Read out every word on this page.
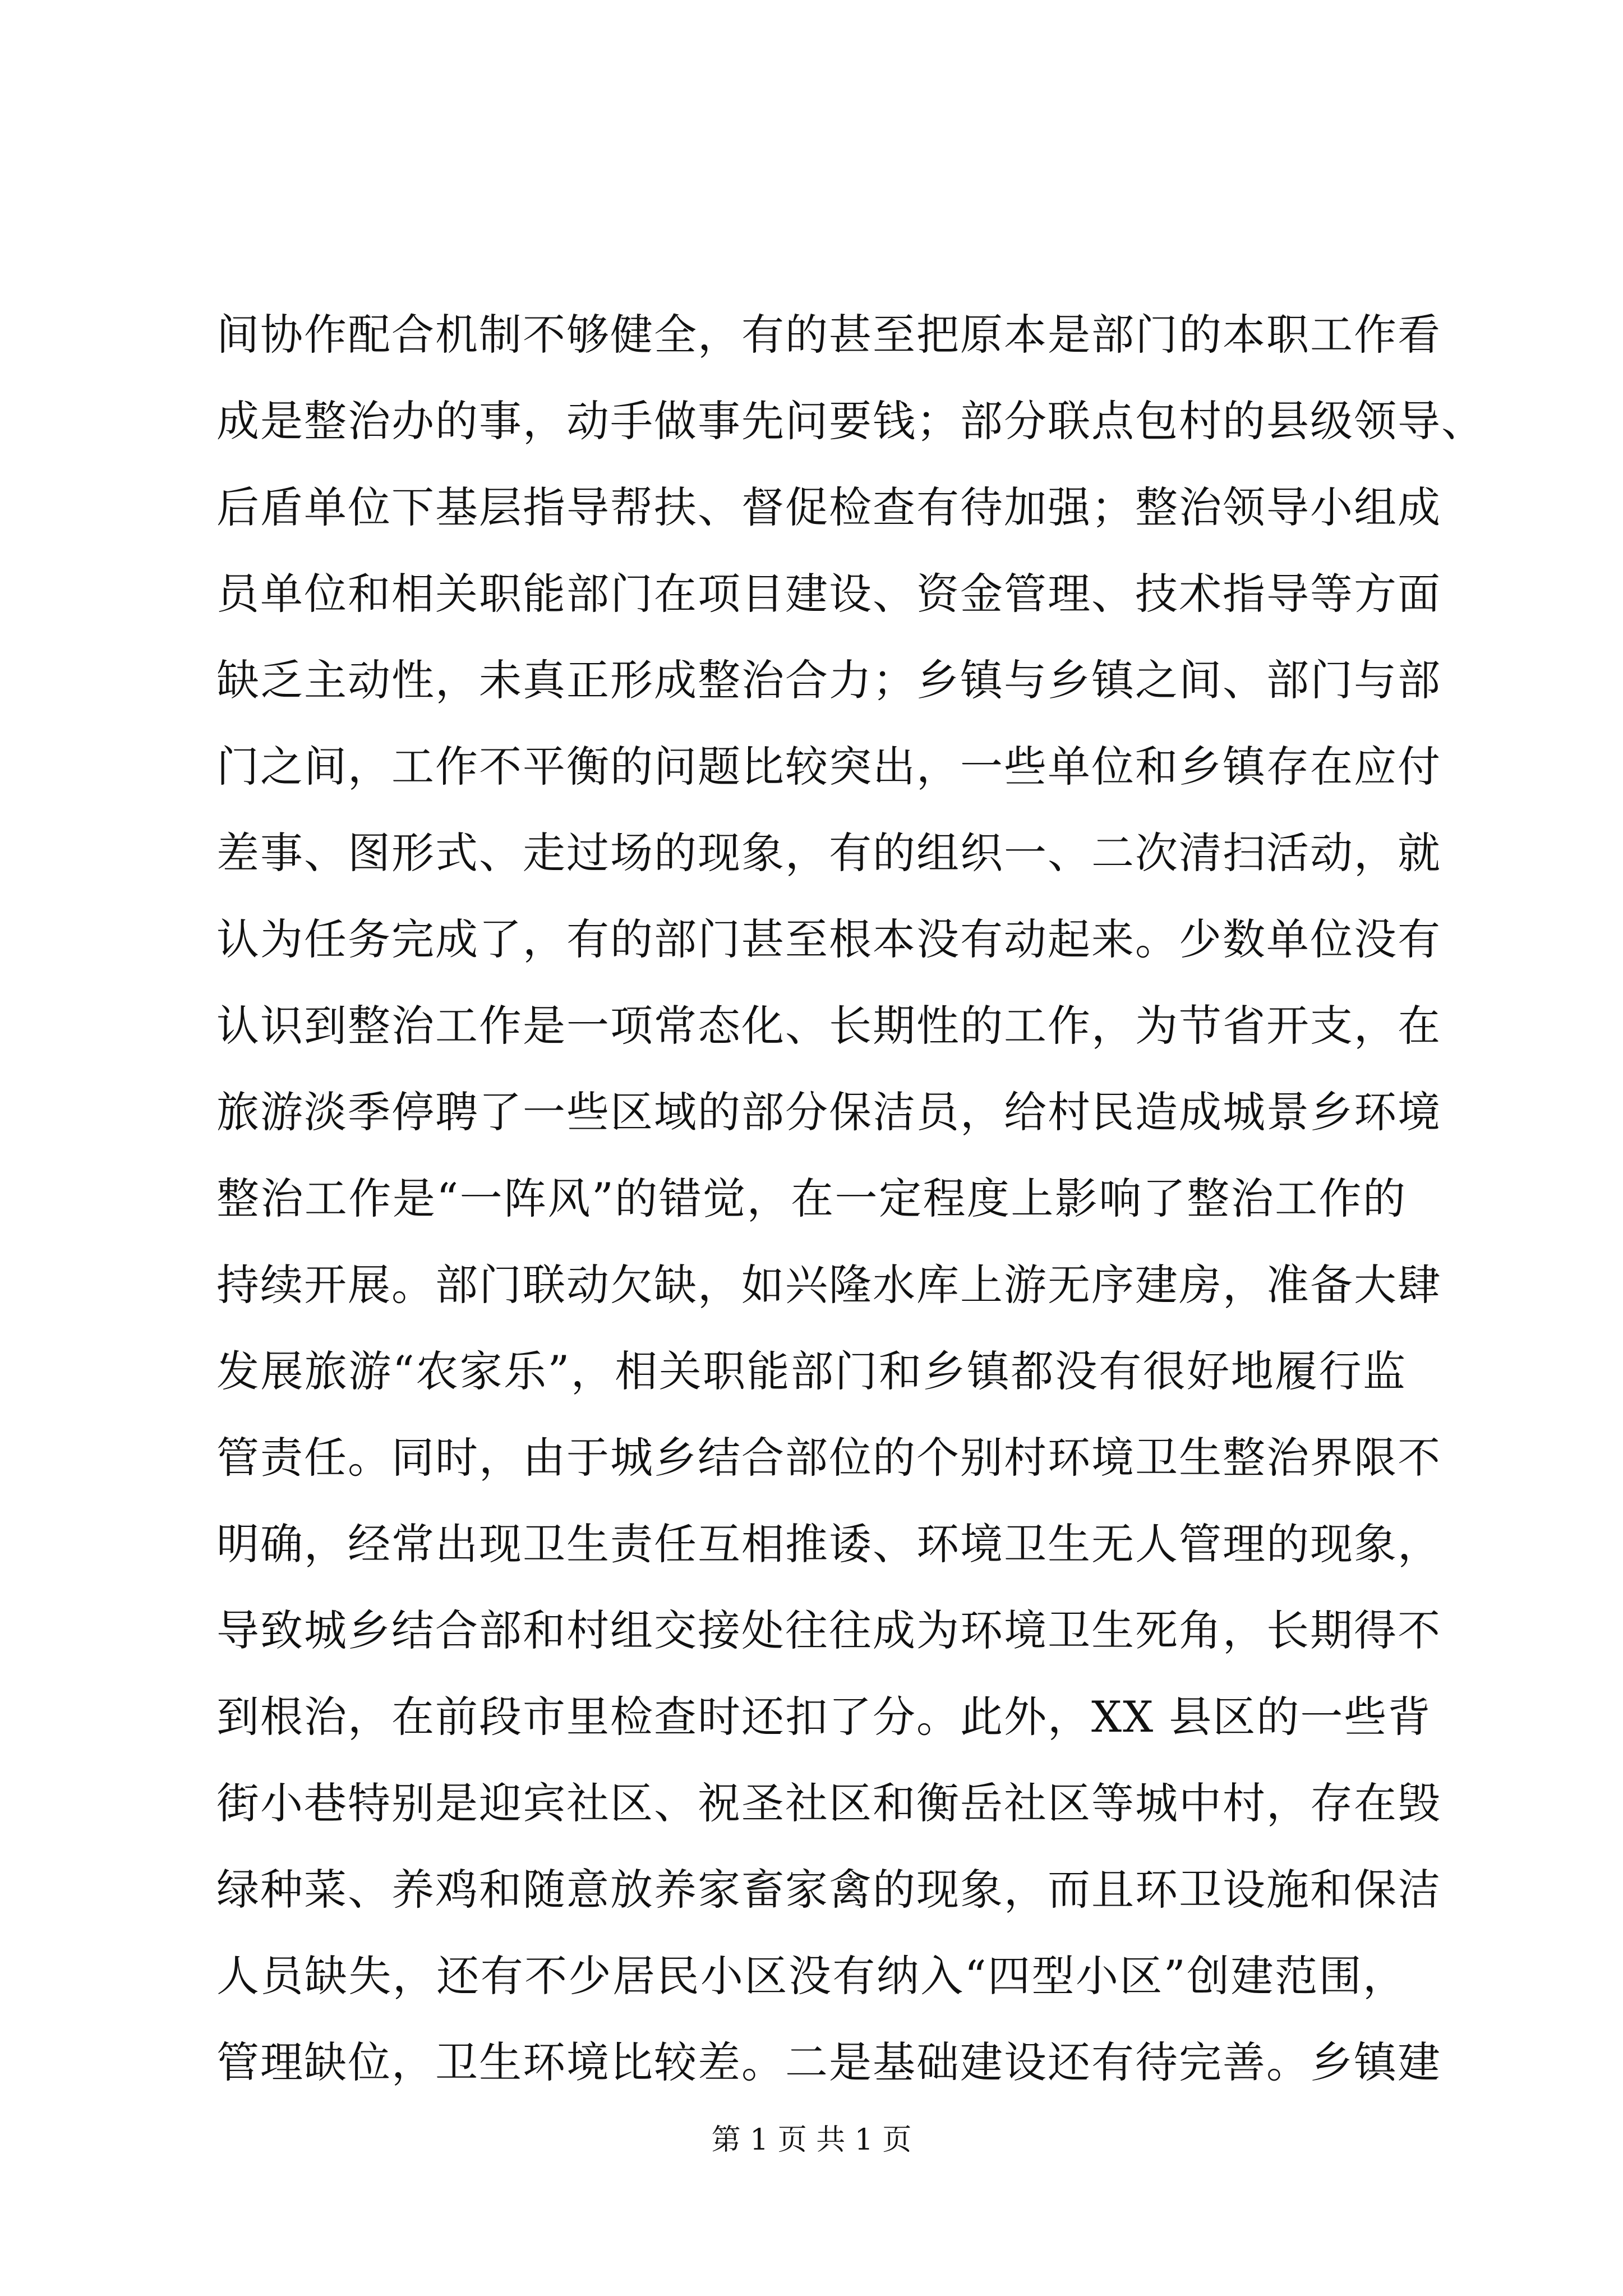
间协作配合机制不够健全，有的甚至把原本是部门的本职工作看
成是整治办的事，动手做事先问要钱；部分联点包村的县级领导、
后盾单位下基层指导帮扶、督促检查有待加强；整治领导小组成
员单位和相关职能部门在项目建设、资金管理、技术指导等方面
缺乏主动性，未真正形成整治合力；乡镇与乡镇之间、部门与部
门之间，工作不平衡的问题比较突出，一些单位和乡镇存在应付
差事、图形式、走过场的现象，有的组织一、二次清扫活动，就
认为任务完成了，有的部门甚至根本没有动起来。少数单位没有
认识到整治工作是一项常态化、长期性的工作，为节省开支，在
旅游淡季停聘了一些区域的部分保洁员，给村民造成城景乡环境
整治工作是“一阵风”的错觉，在一定程度上影响了整治工作的
持续开展。部门联动欠缺，如兴隆水库上游无序建房，准备大肆
发展旅游“农家乐”，相关职能部门和乡镇都没有很好地履行监
管责任。同时，由于城乡结合部位的个别村环境卫生整治界限不
明确，经常出现卫生责任互相推诿、环境卫生无人管理的现象，
导致城乡结合部和村组交接处往往成为环境卫生死角，长期得不
到根治，在前段市里检查时还扣了分。此外，XX 县区的一些背
街小巷特别是迎宾社区、祝圣社区和衡岳社区等城中村，存在毁
绿种菜、养鸡和随意放养家畜家禽的现象，而且环卫设施和保洁
人员缺失，还有不少居民小区没有纳入“四型小区”创建范围，
管理缺位，卫生环境比较差。二是基础建设还有待完善。乡镇建
第 1 页 共 1 页
